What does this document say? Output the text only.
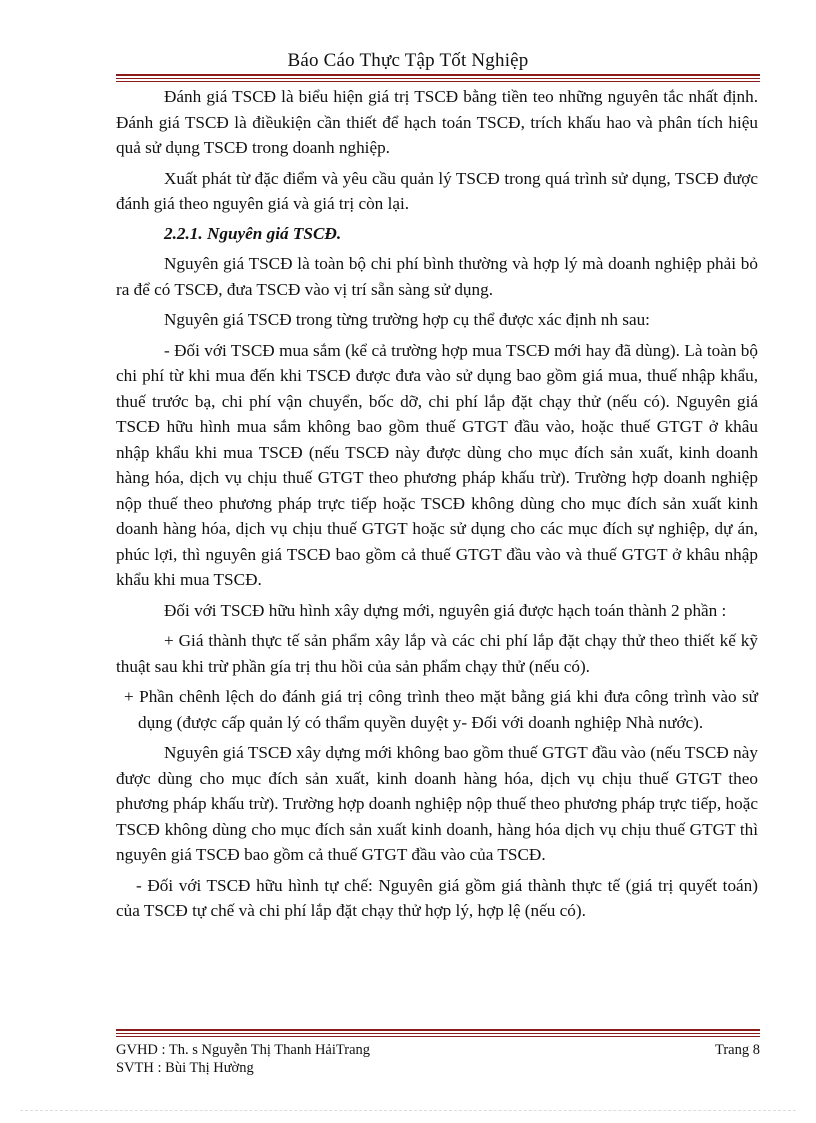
Báo Cáo Thực Tập Tốt Nghiệp

Đánh giá TSCĐ là biểu hiện giá trị TSCĐ bằng tiền teo những nguyên tắc nhất định. Đánh giá TSCĐ là điềukiện cần thiết để hạch toán TSCĐ, trích khấu hao và phân tích hiệu quả sử dụng TSCĐ trong doanh nghiệp.

Xuất phát từ đặc điểm và yêu cầu quản lý TSCĐ trong quá trình sử dụng, TSCĐ được đánh giá theo nguyên giá và giá trị còn lại.

2.2.1. Nguyên giá TSCĐ.

Nguyên giá TSCĐ là toàn bộ chi phí bình thường và hợp lý mà doanh nghiệp phải bỏ ra để có TSCĐ, đưa TSCĐ vào vị trí sẵn sàng sử dụng.

Nguyên giá TSCĐ trong từng trường hợp cụ thể được xác định nh sau:

- Đối với TSCĐ mua sắm (kể cả trường hợp mua TSCĐ mới hay đã dùng). Là toàn bộ chi phí từ khi mua đến khi TSCĐ được đưa vào sử dụng bao gồm giá mua, thuế nhập khẩu, thuế trước bạ, chi phí vận chuyển, bốc dỡ, chi phí lắp đặt chạy thử (nếu có). Nguyên giá TSCĐ hữu hình mua sắm không bao gồm thuế GTGT đầu vào, hoặc thuế GTGT ở khâu nhập khẩu khi mua TSCĐ (nếu TSCĐ này được dùng cho mục đích sản xuất, kinh doanh hàng hóa, dịch vụ chịu thuế GTGT theo phương pháp khấu trừ). Trường hợp doanh nghiệp nộp thuế theo phương pháp trực tiếp hoặc TSCĐ không dùng cho mục đích sản xuất kinh doanh hàng hóa, dịch vụ chịu thuế GTGT hoặc sử dụng cho các mục đích sự nghiệp, dự án, phúc lợi, thì nguyên giá TSCĐ bao gồm cả thuế GTGT đầu vào và thuế GTGT ở khâu nhập khẩu khi mua TSCĐ.

Đối với TSCĐ hữu hình xây dựng mới, nguyên giá được hạch toán thành 2 phần :

+ Giá thành thực tế sản phẩm xây lắp và các chi phí lắp đặt chạy thử theo thiết kế kỹ thuật sau khi trừ phần gía trị thu hồi của sản phẩm chạy thử (nếu có).

+ Phần chênh lệch do đánh giá trị công trình theo mặt bằng giá khi đưa công trình vào sử dụng (được cấp quản lý có thẩm quyền duyệt y- Đối với doanh nghiệp Nhà nước).

Nguyên giá TSCĐ xây dựng mới không bao gồm thuế GTGT đầu vào (nếu TSCĐ này được dùng cho mục đích sản xuất, kinh doanh hàng hóa, dịch vụ chịu thuế GTGT theo phương pháp khấu trừ). Trường hợp doanh nghiệp nộp thuế theo phương pháp trực tiếp, hoặc TSCĐ không dùng cho mục đích sản xuất kinh doanh, hàng hóa dịch vụ chịu thuế GTGT thì nguyên giá TSCĐ bao gồm cả thuế GTGT đầu vào của TSCĐ.

- Đối với TSCĐ hữu hình tự chế: Nguyên giá gồm giá thành thực tế (giá trị quyết toán) của TSCĐ tự chế và chi phí lắp đặt chạy thử hợp lý, hợp lệ (nếu có).

GVHD : Th. s Nguyễn Thị Thanh HảiTrang	Trang 8
SVTH : Bùi Thị Hường
